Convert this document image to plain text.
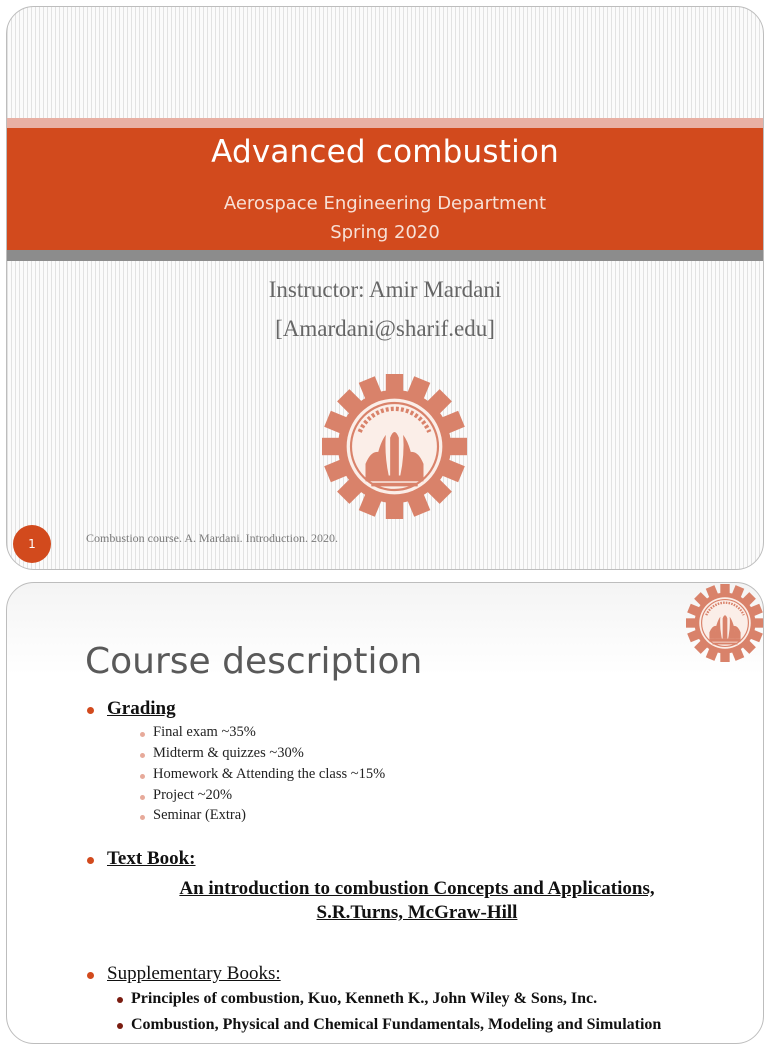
Advanced combustion
Aerospace Engineering Department
Spring 2020
Instructor: Amir Mardani
[Amardani@sharif.edu]
1	Combustion course. A. Mardani. Introduction. 2020.
Course description
Grading
Final exam ~35%
Midterm & quizzes ~30%
Homework & Attending the class ~15%
Project ~20%
Seminar (Extra)
Text Book:
An introduction to combustion Concepts and Applications,
S.R.Turns, McGraw-Hill
Supplementary Books:
Principles of combustion, Kuo, Kenneth K., John Wiley & Sons, Inc.
Combustion, Physical and Chemical Fundamentals, Modeling and Simulation
